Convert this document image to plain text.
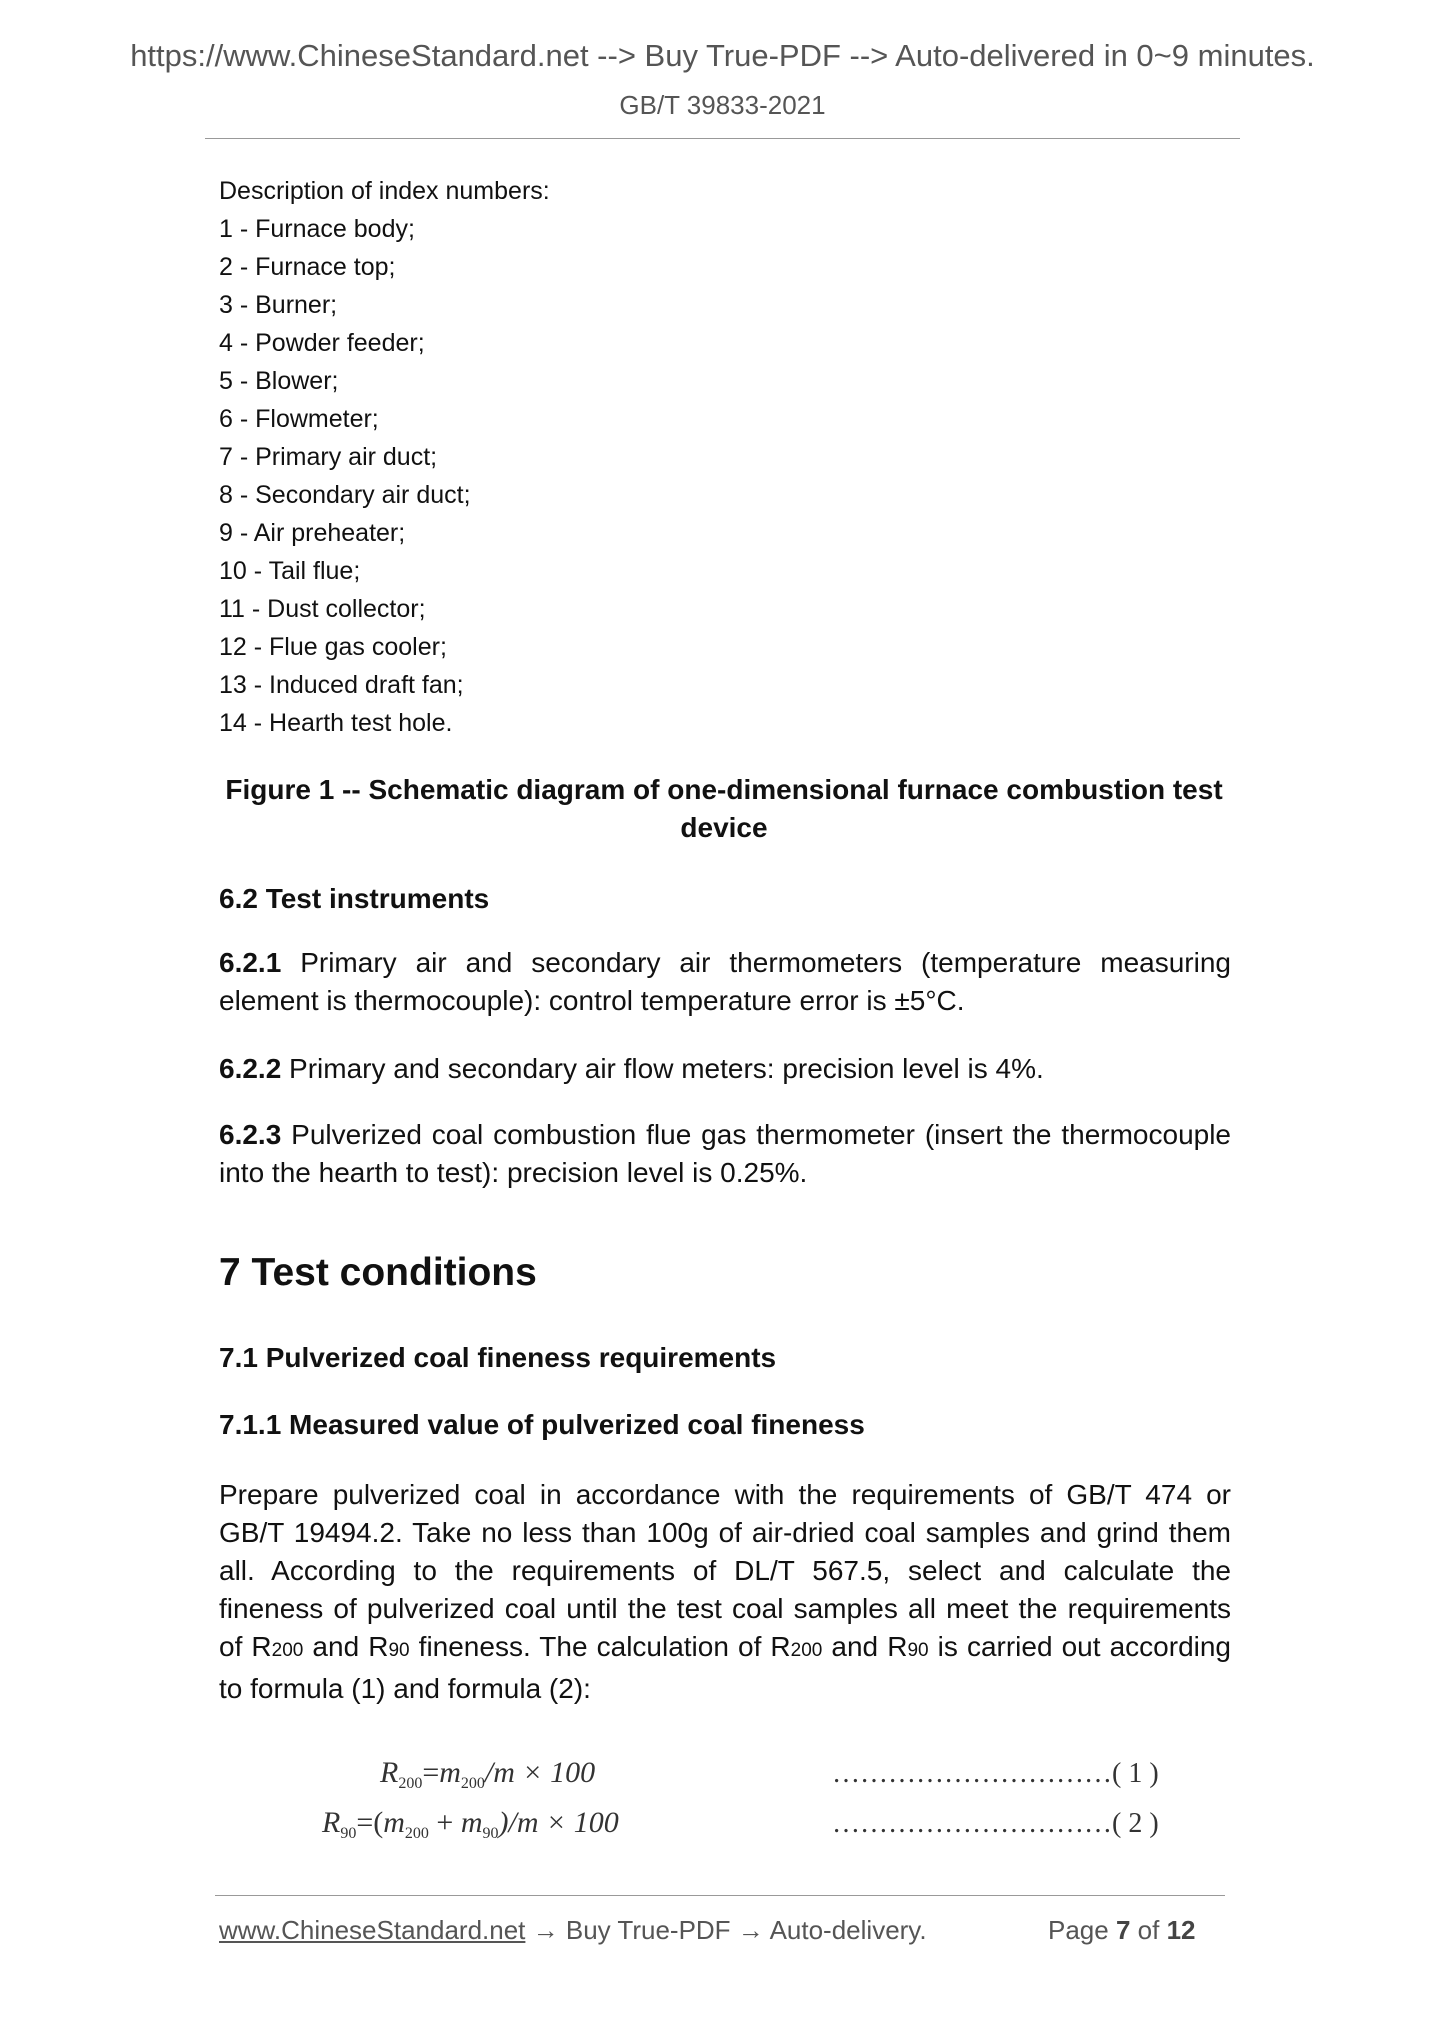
https://www.ChineseStandard.net --> Buy True-PDF --> Auto-delivered in 0~9 minutes.
GB/T 39833-2021
Description of index numbers:
1 - Furnace body;
2 - Furnace top;
3 - Burner;
4 - Powder feeder;
5 - Blower;
6 - Flowmeter;
7 - Primary air duct;
8 - Secondary air duct;
9 - Air preheater;
10 - Tail flue;
11 - Dust collector;
12 - Flue gas cooler;
13 - Induced draft fan;
14 - Hearth test hole.
Figure 1 -- Schematic diagram of one-dimensional furnace combustion test device
6.2 Test instruments
6.2.1 Primary air and secondary air thermometers (temperature measuring element is thermocouple): control temperature error is ±5°C.
6.2.2 Primary and secondary air flow meters: precision level is 4%.
6.2.3 Pulverized coal combustion flue gas thermometer (insert the thermocouple into the hearth to test): precision level is 0.25%.
7 Test conditions
7.1 Pulverized coal fineness requirements
7.1.1 Measured value of pulverized coal fineness
Prepare pulverized coal in accordance with the requirements of GB/T 474 or GB/T 19494.2. Take no less than 100g of air-dried coal samples and grind them all. According to the requirements of DL/T 567.5, select and calculate the fineness of pulverized coal until the test coal samples all meet the requirements of R200 and R90 fineness. The calculation of R200 and R90 is carried out according to formula (1) and formula (2):
$R_{200}=m_{200}/m \times 100$	…………………………( 1 )
$R_{90}=(m_{200} + m_{90})/m \times 100$	…………………………( 2 )
www.ChineseStandard.net → Buy True-PDF → Auto-delivery.	Page 7 of 12
